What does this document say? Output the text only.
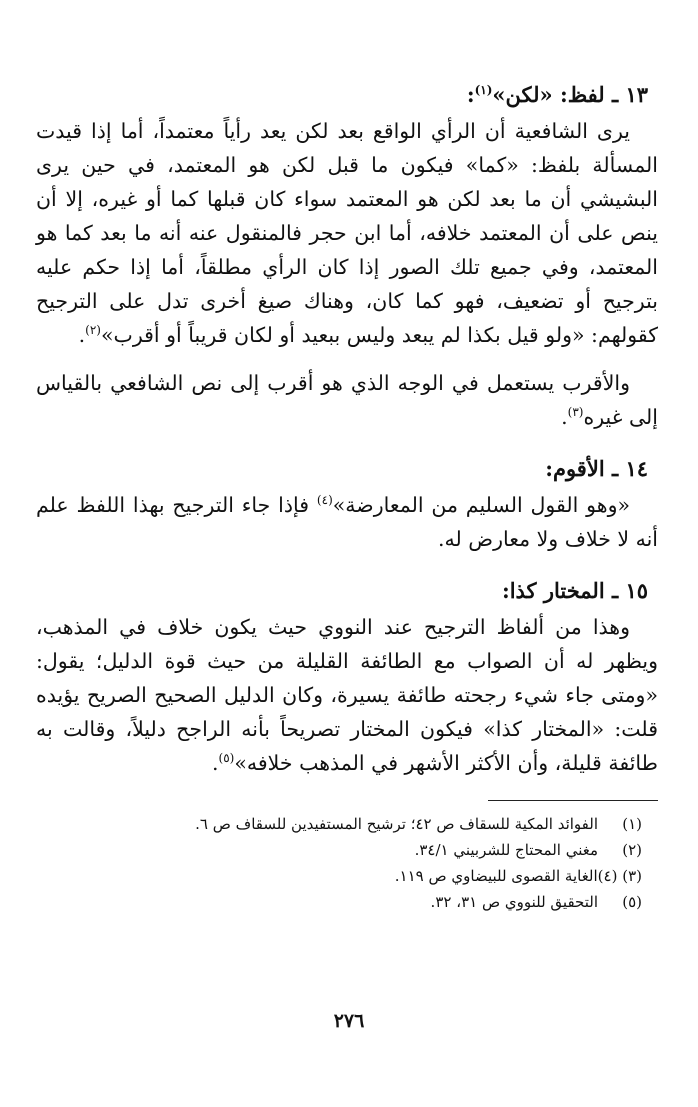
١٣ ـ لفظ: «لكن»$^{(١)}$:

يرى الشافعية أن الرأي الواقع بعد لكن يعد رأياً معتمداً، أما إذا قيدت المسألة بلفظ: «كما» فيكون ما قبل لكن هو المعتمد، في حين يرى البشيشي أن ما بعد لكن هو المعتمد سواء كان قبلها كما أو غيره، إلا أن ينص على أن المعتمد خلافه، أما ابن حجر فالمنقول عنه أنه ما بعد كما هو المعتمد، وفي جميع تلك الصور إذا كان الرأي مطلقاً، أما إذا حكم عليه بترجيح أو تضعيف، فهو كما كان، وهناك صيغ أخرى تدل على الترجيح كقولهم: «ولو قيل بكذا لم يبعد وليس ببعيد أو لكان قريباً أو أقرب»$^{(٢)}$.

والأقرب يستعمل في الوجه الذي هو أقرب إلى نص الشافعي بالقياس إلى غيره$^{(٣)}$.

١٤ ـ الأقوم:

«وهو القول السليم من المعارضة»$^{(٤)}$ فإذا جاء الترجيح بهذا اللفظ علم أنه لا خلاف ولا معارض له.

١٥ ـ المختار كذا:

وهذا من ألفاظ الترجيح عند النووي حيث يكون خلاف في المذهب، ويظهر له أن الصواب مع الطائفة القليلة من حيث قوة الدليل؛ يقول: «ومتى جاء شيء رجحته طائفة يسيرة، وكان الدليل الصحيح الصريح يؤيده قلت: «المختار كذا» فيكون المختار تصريحاً بأنه الراجح دليلاً، وقالت به طائفة قليلة، وأن الأكثر الأشهر في المذهب خلافه»$^{(٥)}$.

(١)الفوائد المكية للسقاف ص ٤٢؛ ترشيح المستفيدين للسقاف ص ٦.
(٢)مغني المحتاج للشربيني ٣٤/١.
(٣) (٤)الغاية القصوى للبيضاوي ص ١١٩.
(٥)التحقيق للنووي ص ٣١، ٣٢.
٢٧٦
